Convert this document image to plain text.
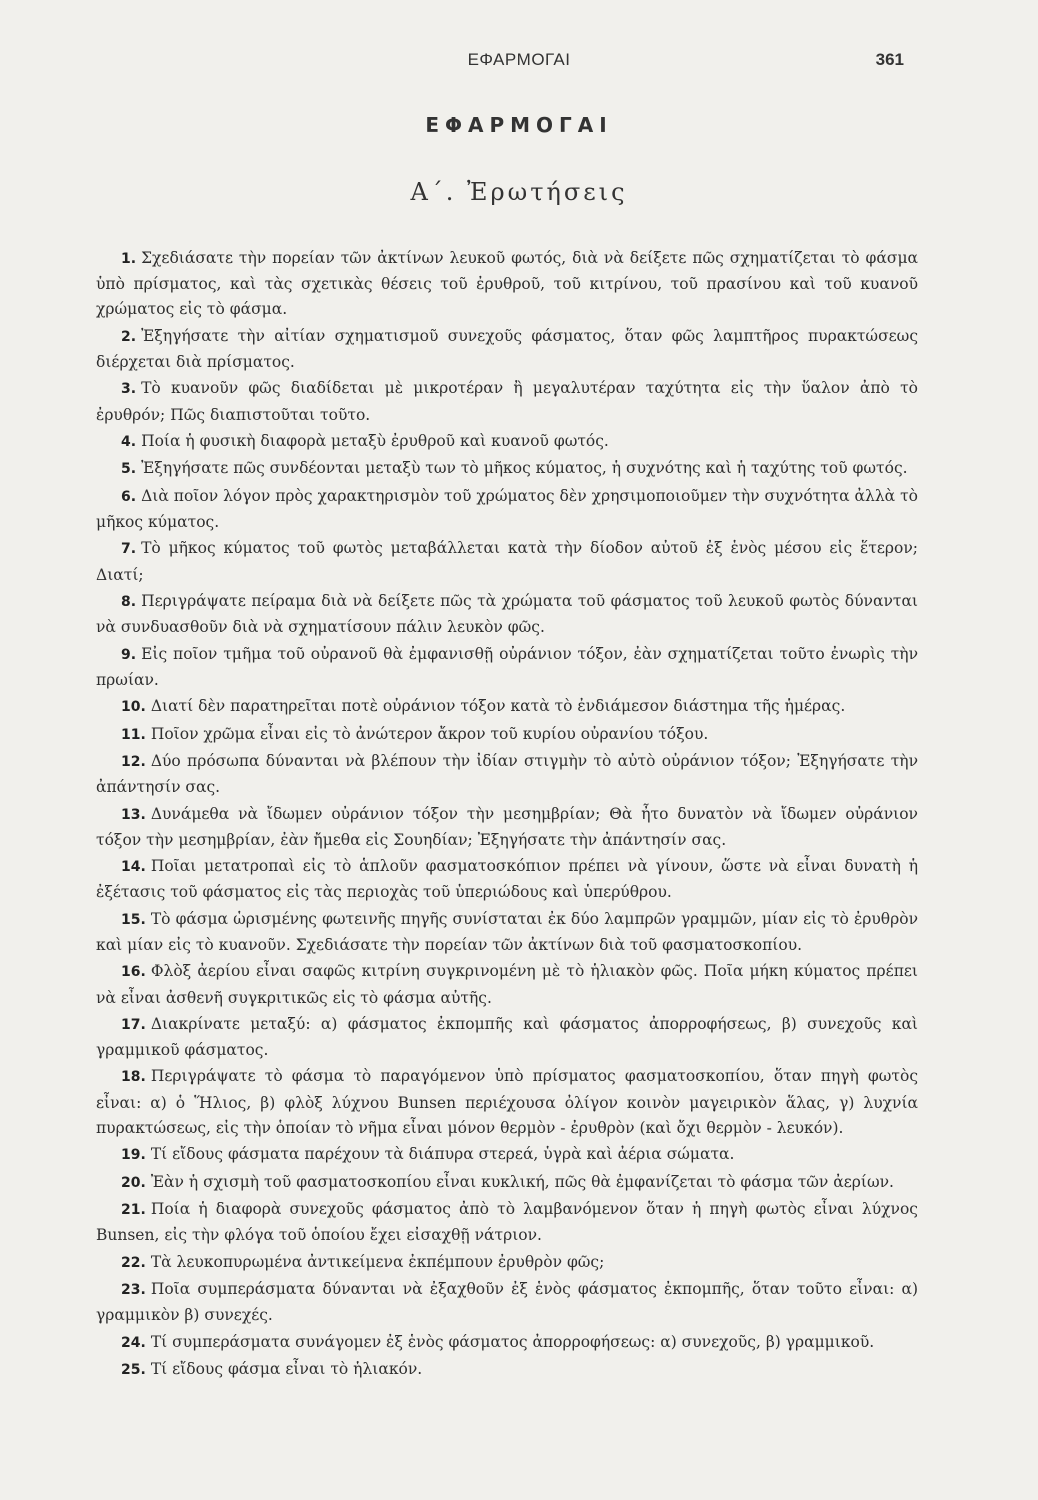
ΕΦΑΡΜΟΓΑΙ	361
ΕΦΑΡΜΟΓΑΙ
Α΄. Ἐρωτήσεις

1. Σχεδιάσατε τὴν πορείαν τῶν ἀκτίνων λευκοῦ φωτός, διὰ νὰ δείξετε πῶς σχηματίζεται τὸ φάσμα ὑπὸ πρίσματος, καὶ τὰς σχετικὰς θέσεις τοῦ ἐρυθροῦ, τοῦ κιτρίνου, τοῦ πρασίνου καὶ τοῦ κυανοῦ χρώματος εἰς τὸ φάσμα.

2. Ἐξηγήσατε τὴν αἰτίαν σχηματισμοῦ συνεχοῦς φάσματος, ὅταν φῶς λαμπτῆρος πυρακτώσεως διέρχεται διὰ πρίσματος.

3. Τὸ κυανοῦν φῶς διαδίδεται μὲ μικροτέραν ἢ μεγαλυτέραν ταχύτητα εἰς τὴν ὕαλον ἀπὸ τὸ ἐρυθρόν; Πῶς διαπιστοῦται τοῦτο.

4. Ποία ἡ φυσικὴ διαφορὰ μεταξὺ ἐρυθροῦ καὶ κυανοῦ φωτός.

5. Ἐξηγήσατε πῶς συνδέονται μεταξὺ των τὸ μῆκος κύματος, ἡ συχνότης καὶ ἡ ταχύτης τοῦ φωτός.

6. Διὰ ποῖον λόγον πρὸς χαρακτηρισμὸν τοῦ χρώματος δὲν χρησιμοποιοῦμεν τὴν συχνότητα ἀλλὰ τὸ μῆκος κύματος.

7. Τὸ μῆκος κύματος τοῦ φωτὸς μεταβάλλεται κατὰ τὴν δίοδον αὐτοῦ ἐξ ἑνὸς μέσου εἰς ἕτερον; Διατί;

8. Περιγράψατε πείραμα διὰ νὰ δείξετε πῶς τὰ χρώματα τοῦ φάσματος τοῦ λευκοῦ φωτὸς δύνανται νὰ συνδυασθοῦν διὰ νὰ σχηματίσουν πάλιν λευκὸν φῶς.

9. Εἰς ποῖον τμῆμα τοῦ οὐρανοῦ θὰ ἐμφανισθῇ οὐράνιον τόξον, ἐὰν σχηματίζεται τοῦτο ἐνωρὶς τὴν πρωίαν.

10. Διατί δὲν παρατηρεῖται ποτὲ οὐράνιον τόξον κατὰ τὸ ἐνδιάμεσον διάστημα τῆς ἡμέρας.

11. Ποῖον χρῶμα εἶναι εἰς τὸ ἀνώτερον ἄκρον τοῦ κυρίου οὐρανίου τόξου.

12. Δύο πρόσωπα δύνανται νὰ βλέπουν τὴν ἰδίαν στιγμὴν τὸ αὐτὸ οὐράνιον τόξον; Ἐξηγήσατε τὴν ἀπάντησίν σας.

13. Δυνάμεθα νὰ ἴδωμεν οὐράνιον τόξον τὴν μεσημβρίαν; Θὰ ἦτο δυνατὸν νὰ ἴδωμεν οὐράνιον τόξον τὴν μεσημβρίαν, ἐὰν ἤμεθα εἰς Σουηδίαν; Ἐξηγήσατε τὴν ἀπάντησίν σας.

14. Ποῖαι μετατροπαὶ εἰς τὸ ἁπλοῦν φασματοσκόπιον πρέπει νὰ γίνουν, ὥστε νὰ εἶναι δυνατὴ ἡ ἐξέτασις τοῦ φάσματος εἰς τὰς περιοχὰς τοῦ ὑπεριώδους καὶ ὑπερύθρου.

15. Τὸ φάσμα ὡρισμένης φωτεινῆς πηγῆς συνίσταται ἐκ δύο λαμπρῶν γραμμῶν, μίαν εἰς τὸ ἐρυθρὸν καὶ μίαν εἰς τὸ κυανοῦν. Σχεδιάσατε τὴν πορείαν τῶν ἀκτίνων διὰ τοῦ φασματοσκοπίου.

16. Φλὸξ ἀερίου εἶναι σαφῶς κιτρίνη συγκρινομένη μὲ τὸ ἡλιακὸν φῶς. Ποῖα μήκη κύματος πρέπει νὰ εἶναι ἀσθενῆ συγκριτικῶς εἰς τὸ φάσμα αὐτῆς.

17. Διακρίνατε μεταξύ: α) φάσματος ἐκπομπῆς καὶ φάσματος ἀπορροφήσεως, β) συνεχοῦς καὶ γραμμικοῦ φάσματος.

18. Περιγράψατε τὸ φάσμα τὸ παραγόμενον ὑπὸ πρίσματος φασματοσκοπίου, ὅταν πηγὴ φωτὸς εἶναι: α) ὁ Ἥλιος, β) φλὸξ λύχνου Bunsen περιέχουσα ὀλίγον κοινὸν μαγειρικὸν ἅλας, γ) λυχνία πυρακτώσεως, εἰς τὴν ὁποίαν τὸ νῆμα εἶναι μόνον θερμὸν - ἐρυθρὸν (καὶ ὄχι θερμὸν - λευκόν).

19. Τί εἴδους φάσματα παρέχουν τὰ διάπυρα στερεά, ὑγρὰ καὶ ἀέρια σώματα.

20. Ἐὰν ἡ σχισμὴ τοῦ φασματοσκοπίου εἶναι κυκλική, πῶς θὰ ἐμφανίζεται τὸ φάσμα τῶν ἀερίων.

21. Ποία ἡ διαφορὰ συνεχοῦς φάσματος ἀπὸ τὸ λαμβανόμενον ὅταν ἡ πηγὴ φωτὸς εἶναι λύχνος Bunsen, εἰς τὴν φλόγα τοῦ ὁποίου ἔχει εἰσαχθῇ νάτριον.

22. Τὰ λευκοπυρωμένα ἀντικείμενα ἐκπέμπουν ἐρυθρὸν φῶς;

23. Ποῖα συμπεράσματα δύνανται νὰ ἐξαχθοῦν ἐξ ἑνὸς φάσματος ἐκπομπῆς, ὅταν τοῦτο εἶναι: α) γραμμικὸν β) συνεχές.

24. Τί συμπεράσματα συνάγομεν ἐξ ἑνὸς φάσματος ἀπορροφήσεως: α) συνεχοῦς, β) γραμμικοῦ.

25. Τί εἴδους φάσμα εἶναι τὸ ἡλιακόν.
